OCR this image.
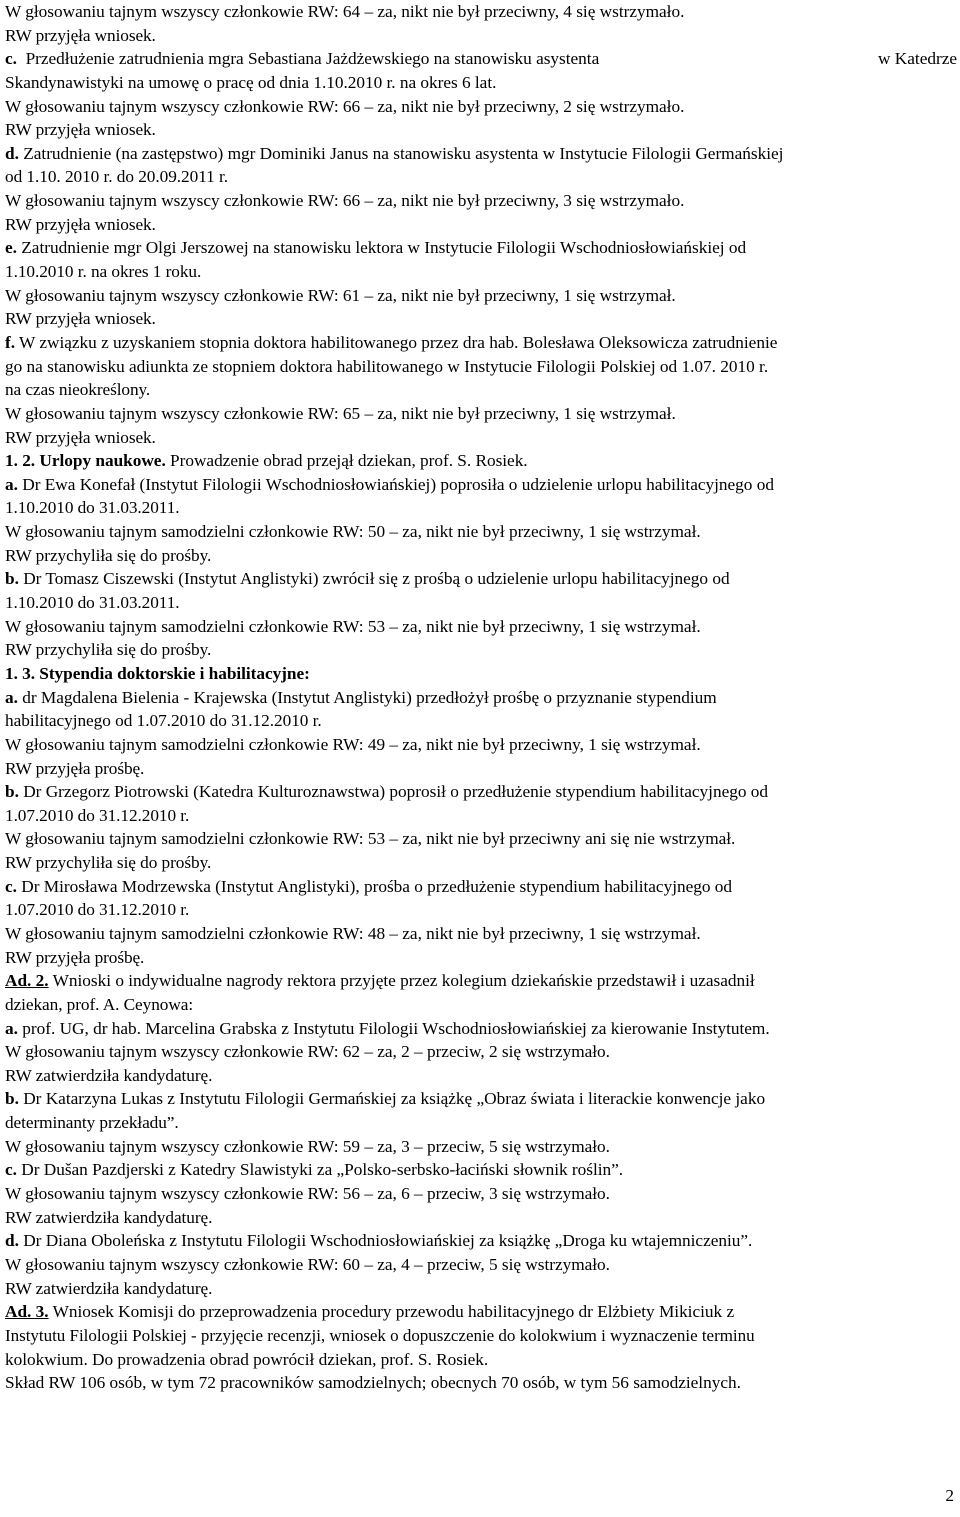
W głosowaniu tajnym wszyscy członkowie RW: 64 – za, nikt nie był przeciwny, 4 się wstrzymało.
RW przyjęła wniosek.
c. Przedłużenie zatrudnienia mgra Sebastiana Jażdżewskiego na stanowisku asystenta	w Katedrze
Skandynawistyki na umowę o pracę od dnia 1.10.2010 r. na okres 6 lat.
W głosowaniu tajnym wszyscy członkowie RW: 66 – za, nikt nie był przeciwny, 2 się wstrzymało.
RW przyjęła wniosek.
d. Zatrudnienie (na zastępstwo) mgr Dominiki Janus na stanowisku asystenta w Instytucie Filologii Germańskiej
od 1.10. 2010 r. do 20.09.2011 r.
W głosowaniu tajnym wszyscy członkowie RW: 66 – za, nikt nie był przeciwny, 3 się wstrzymało.
RW przyjęła wniosek.
e. Zatrudnienie mgr Olgi Jerszowej na stanowisku lektora w Instytucie Filologii Wschodniosłowiańskiej od
1.10.2010 r. na okres 1 roku.
W głosowaniu tajnym wszyscy członkowie RW: 61 – za, nikt nie był przeciwny, 1 się wstrzymał.
RW przyjęła wniosek.
f. W związku z uzyskaniem stopnia doktora habilitowanego przez dra hab. Bolesława Oleksowicza zatrudnienie
go na stanowisku adiunkta ze stopniem doktora habilitowanego w Instytucie Filologii Polskiej od 1.07. 2010 r.
na czas nieokreślony.
W głosowaniu tajnym wszyscy członkowie RW: 65 – za, nikt nie był przeciwny, 1 się wstrzymał.
RW przyjęła wniosek.
1. 2. Urlopy naukowe. Prowadzenie obrad przejął dziekan, prof. S. Rosiek.
a. Dr Ewa Konefał (Instytut Filologii Wschodniosłowiańskiej) poprosiła o udzielenie urlopu habilitacyjnego od
1.10.2010 do 31.03.2011.
W głosowaniu tajnym samodzielni członkowie RW: 50 – za, nikt nie był przeciwny, 1 się wstrzymał.
RW przychyliła się do prośby.
b. Dr Tomasz Ciszewski (Instytut Anglistyki) zwrócił się z prośbą o udzielenie urlopu habilitacyjnego od
1.10.2010 do 31.03.2011.
W głosowaniu tajnym samodzielni członkowie RW: 53 – za, nikt nie był przeciwny, 1 się wstrzymał.
RW przychyliła się do prośby.
1. 3. Stypendia doktorskie i habilitacyjne:
a. dr Magdalena Bielenia - Krajewska (Instytut Anglistyki) przedłożył prośbę o przyznanie stypendium
habilitacyjnego od 1.07.2010 do 31.12.2010 r.
W głosowaniu tajnym samodzielni członkowie RW: 49 – za, nikt nie był przeciwny, 1 się wstrzymał.
RW przyjęła prośbę.
b. Dr Grzegorz Piotrowski (Katedra Kulturoznawstwa) poprosił o przedłużenie stypendium habilitacyjnego od
1.07.2010 do 31.12.2010 r.
W głosowaniu tajnym samodzielni członkowie RW: 53 – za, nikt nie był przeciwny ani się nie wstrzymał.
RW przychyliła się do prośby.
c. Dr Mirosława Modrzewska (Instytut Anglistyki), prośba o przedłużenie stypendium habilitacyjnego od
1.07.2010 do 31.12.2010 r.
W głosowaniu tajnym samodzielni członkowie RW: 48 – za, nikt nie był przeciwny, 1 się wstrzymał.
RW przyjęła prośbę.
Ad. 2. Wnioski o indywidualne nagrody rektora przyjęte przez kolegium dziekańskie przedstawił i uzasadnił
dziekan, prof. A. Ceynowa:
a. prof. UG, dr hab. Marcelina Grabska z Instytutu Filologii Wschodniosłowiańskiej za kierowanie Instytutem.
W głosowaniu tajnym wszyscy członkowie RW: 62 – za, 2 – przeciw, 2 się wstrzymało.
RW zatwierdziła kandydaturę.
b. Dr Katarzyna Lukas z Instytutu Filologii Germańskiej za książkę „Obraz świata i literackie konwencje jako
determinanty przekładu”.
W głosowaniu tajnym wszyscy członkowie RW: 59 – za, 3 – przeciw, 5 się wstrzymało.
c. Dr Dušan Pazdjerski z Katedry Slawistyki za „Polsko-serbsko-łaciński słownik roślin”.
W głosowaniu tajnym wszyscy członkowie RW: 56 – za, 6 – przeciw, 3 się wstrzymało.
RW zatwierdziła kandydaturę.
d. Dr Diana Obolеńska z Instytutu Filologii Wschodniosłowiańskiej za książkę „Droga ku wtajemniczeniu”.
W głosowaniu tajnym wszyscy członkowie RW: 60 – za, 4 – przeciw, 5 się wstrzymało.
RW zatwierdziła kandydaturę.
Ad. 3. Wniosek Komisji do przeprowadzenia procedury przewodu habilitacyjnego dr Elżbiety Mikiciuk z
Instytutu Filologii Polskiej - przyjęcie recenzji, wniosek o dopuszczenie do kolokwium i wyznaczenie terminu
kolokwium. Do prowadzenia obrad powrócił dziekan, prof. S. Rosiek.
Skład RW 106 osób, w tym 72 pracowników samodzielnych; obecnych 70 osób, w tym 56 samodzielnych.
2
